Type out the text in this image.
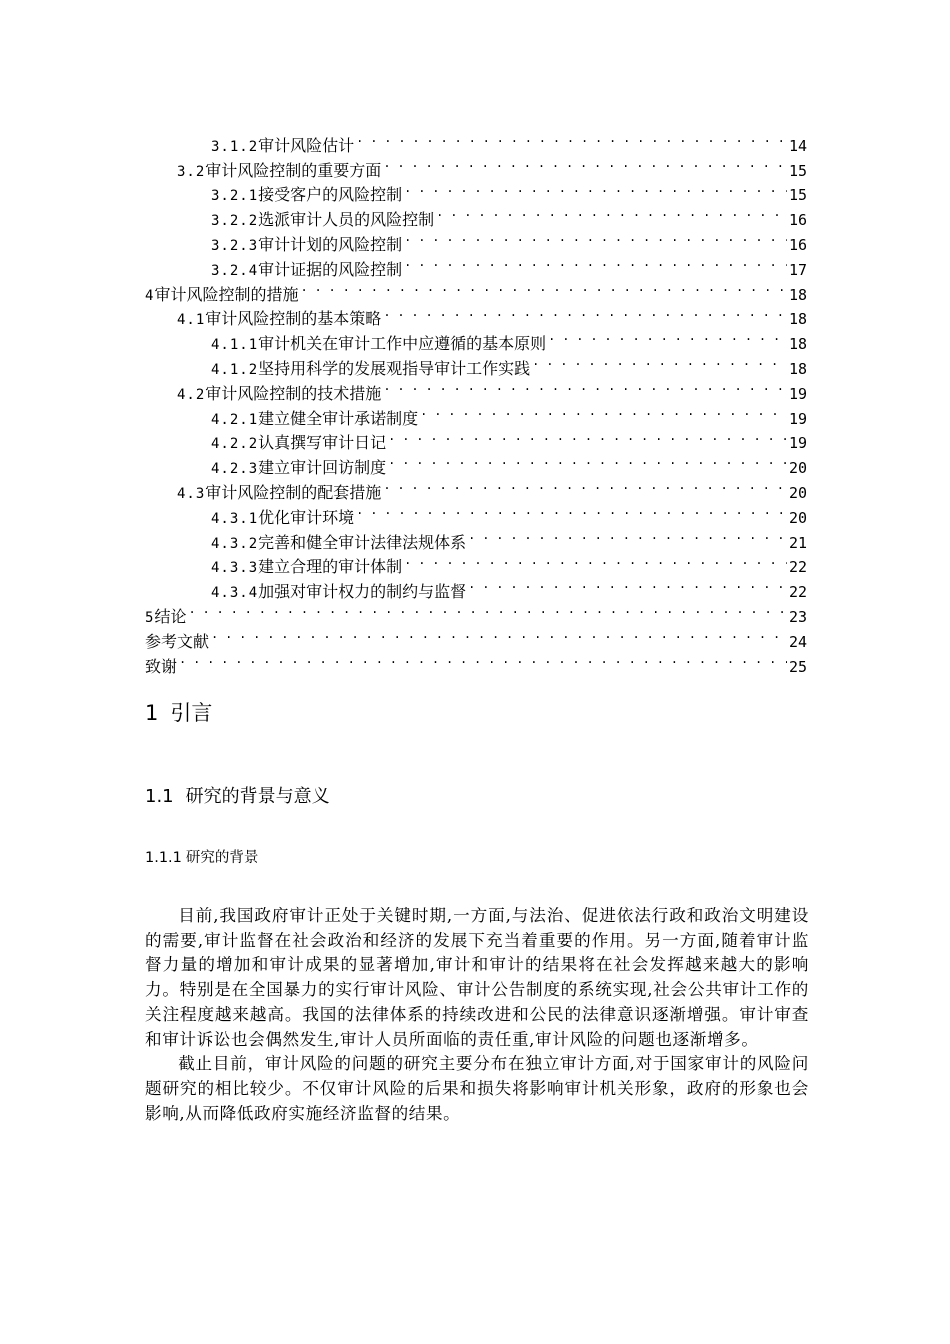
3.1.2 审计风险估计 . . .	14
3.2 审计风险控制的重要方面 . . .	15
3.2.1 接受客户的风险控制 . . .	15
3.2.2 选派审计人员的风险控制 . . .	16
3.2.3 审计计划的风险控制 . . .	16
3.2.4 审计证据的风险控制 . . .	17
4 审计风险控制的措施 . . .	18
4.1 审计风险控制的基本策略 . . .	18
4.1.1 审计机关在审计工作中应遵循的基本原则 . . .	18
4.1.2 坚持用科学的发展观指导审计工作实践 . . .	18
4.2 审计风险控制的技术措施 . . .	19
4.2.1 建立健全审计承诺制度 . . .	19
4.2.2 认真撰写审计日记 . . .	19
4.2.3 建立审计回访制度 . . .	20
4.3 审计风险控制的配套措施 . . .	20
4.3.1 优化审计环境 . . .	20
4.3.2 完善和健全审计法律法规体系 . . .	21
4.3.3 建立合理的审计体制 . . .	22
4.3.4 加强对审计权力的制约与监督 . . .	22
5 结论 . . .	23
参考文献 . . .	24
致谢 . . .	25
1 引言
1.1 研究的背景与意义
1.1.1 研究的背景

目前,我国政府审计正处于关键时期,一方面,与法治、促进依法行政和政治文明建设的需要,审计监督在社会政治和经济的发展下充当着重要的作用。另一方面,随着审计监督力量的增加和审计成果的显著增加,审计和审计的结果将在社会发挥越来越大的影响力。特别是在全国暴力的实行审计风险、审计公告制度的系统实现,社会公共审计工作的关注程度越来越高。我国的法律体系的持续改进和公民的法律意识逐渐增强。审计审查和审计诉讼也会偶然发生,审计人员所面临的责任重,审计风险的问题也逐渐增多。

截止目前，审计风险的问题的研究主要分布在独立审计方面,对于国家审计的风险问题研究的相比较少。不仅审计风险的后果和损失将影响审计机关形象，政府的形象也会影响,从而降低政府实施经济监督的结果。
